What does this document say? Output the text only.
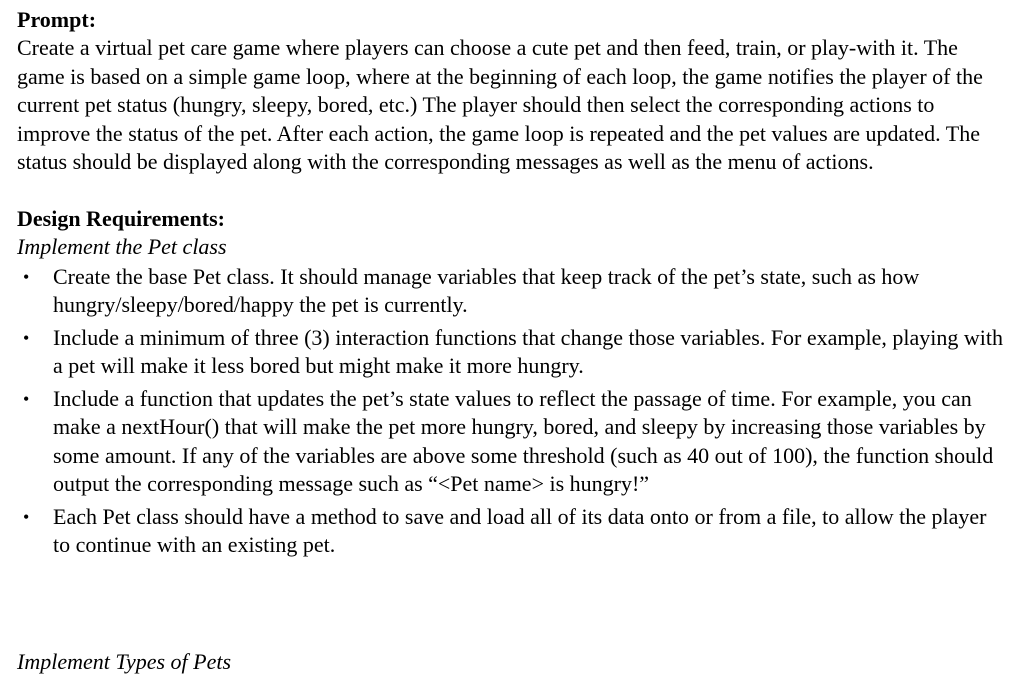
Prompt:

Create a virtual pet care game where players can choose a cute pet and then feed, train, or play-with it. The game is based on a simple game loop, where at the beginning of each loop, the game notifies the player of the current pet status (hungry, sleepy, bored, etc.) The player should then select the corresponding actions to improve the status of the pet. After each action, the game loop is repeated and the pet values are updated. The status should be displayed along with the corresponding messages as well as the menu of actions.

Design Requirements:

Implement the Pet class

• Create the base Pet class. It should manage variables that keep track of the pet’s state, such as how hungry/sleepy/bored/happy the pet is currently.
• Include a minimum of three (3) interaction functions that change those variables. For example, playing with a pet will make it less bored but might make it more hungry.
• Include a function that updates the pet’s state values to reflect the passage of time. For example, you can make a nextHour() that will make the pet more hungry, bored, and sleepy by increasing those variables by some amount. If any of the variables are above some threshold (such as 40 out of 100), the function should output the corresponding message such as “<Pet name> is hungry!”
• Each Pet class should have a method to save and load all of its data onto or from a file, to allow the player to continue with an existing pet.

Implement Types of Pets
